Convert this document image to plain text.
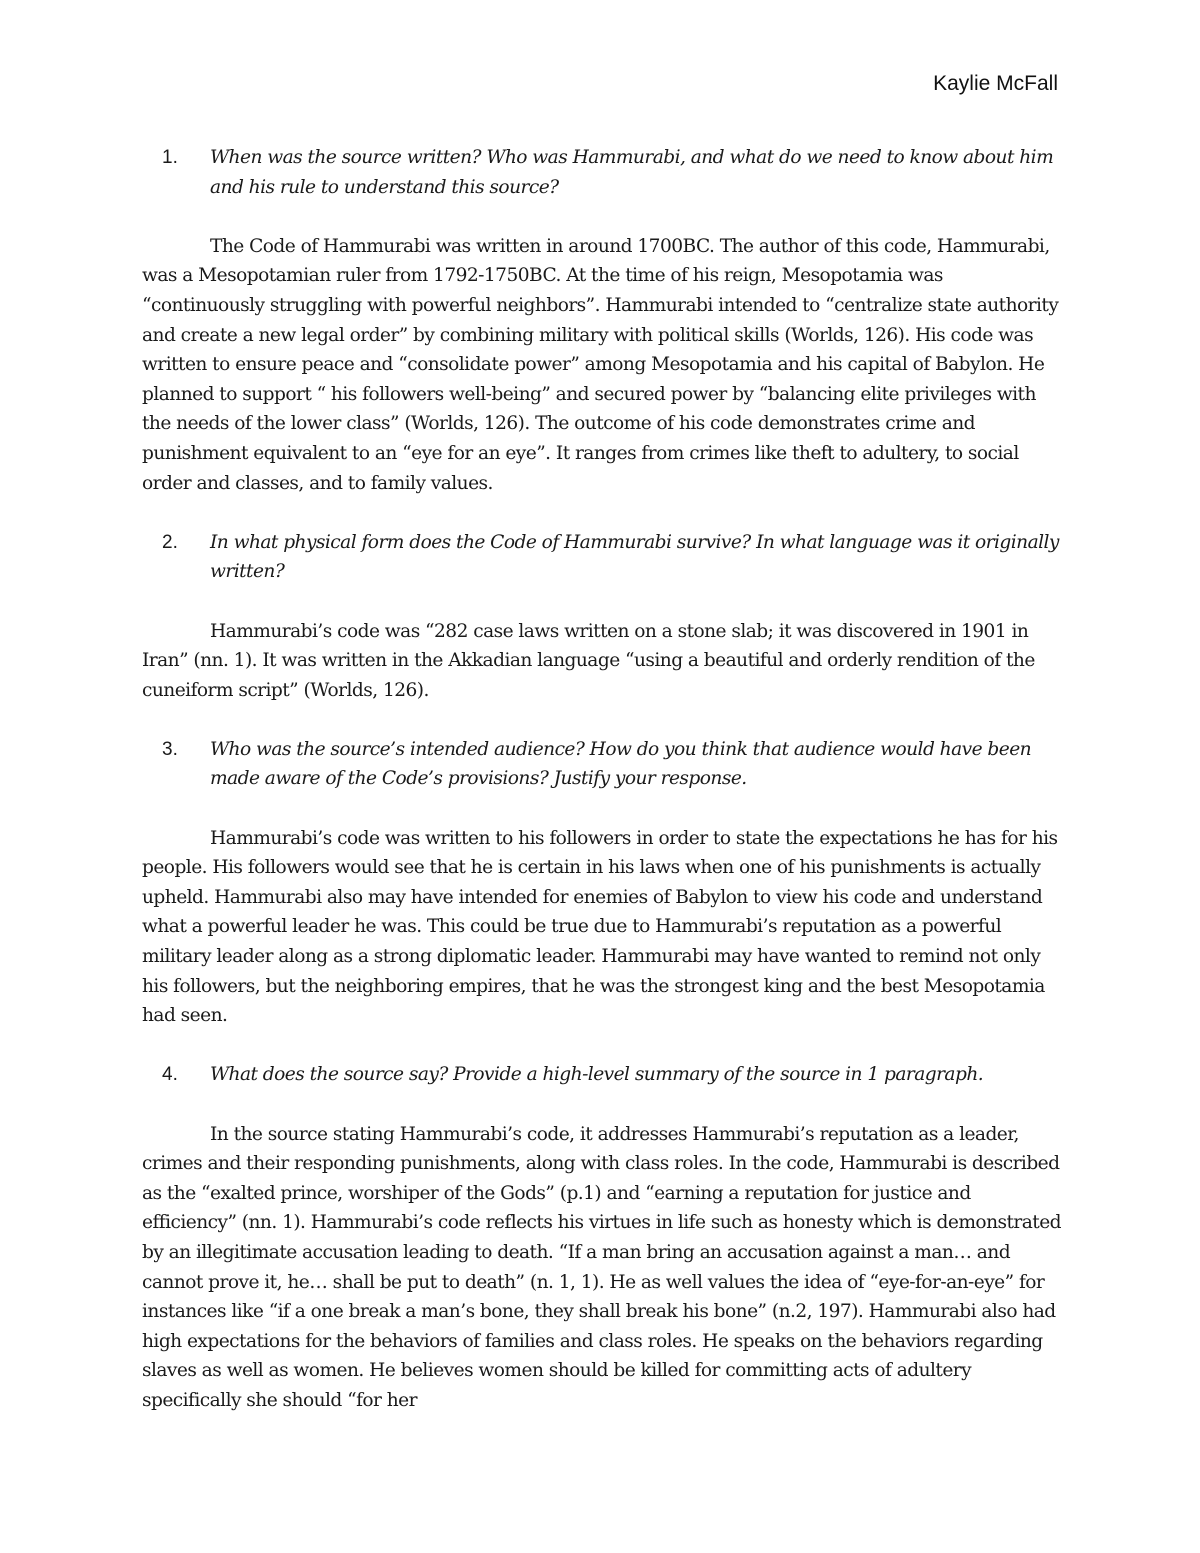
Kaylie McFall
1. When was the source written? Who was Hammurabi, and what do we need to know about him and his rule to understand this source?

The Code of Hammurabi was written in around 1700BC. The author of this code, Hammurabi, was a Mesopotamian ruler from 1792-1750BC. At the time of his reign, Mesopotamia was “continuously struggling with powerful neighbors”. Hammurabi intended to “centralize state authority and create a new legal order” by combining military with political skills (Worlds, 126). His code was written to ensure peace and “consolidate power” among Mesopotamia and his capital of Babylon. He planned to support “ his followers well-being” and secured power by “balancing elite privileges with the needs of the lower class” (Worlds, 126). The outcome of his code demonstrates crime and punishment equivalent to an “eye for an eye”. It ranges from crimes like theft to adultery, to social order and classes, and to family values.

2. In what physical form does the Code of Hammurabi survive? In what language was it originally written?

Hammurabi’s code was “282 case laws written on a stone slab; it was discovered in 1901 in Iran” (nn. 1). It was written in the Akkadian language “using a beautiful and orderly rendition of the cuneiform script” (Worlds, 126).

3. Who was the source’s intended audience? How do you think that audience would have been made aware of the Code’s provisions? Justify your response.

Hammurabi’s code was written to his followers in order to state the expectations he has for his people. His followers would see that he is certain in his laws when one of his punishments is actually upheld. Hammurabi also may have intended for enemies of Babylon to view his code and understand what a powerful leader he was. This could be true due to Hammurabi’s reputation as a powerful military leader along as a strong diplomatic leader. Hammurabi may have wanted to remind not only his followers, but the neighboring empires, that he was the strongest king and the best Mesopotamia had seen.

4. What does the source say? Provide a high-level summary of the source in 1 paragraph.

In the source stating Hammurabi’s code, it addresses Hammurabi’s reputation as a leader, crimes and their responding punishments, along with class roles. In the code, Hammurabi is described as the “exalted prince, worshiper of the Gods” (p.1) and “earning a reputation for justice and efficiency” (nn. 1). Hammurabi’s code reflects his virtues in life such as honesty which is demonstrated by an illegitimate accusation leading to death. “If a man bring an accusation against a man… and cannot prove it, he… shall be put to death” (n. 1, 1). He as well values the idea of “eye-for-an-eye” for instances like “if a one break a man’s bone, they shall break his bone” (n.2, 197). Hammurabi also had high expectations for the behaviors of families and class roles. He speaks on the behaviors regarding slaves as well as women. He believes women should be killed for committing acts of adultery specifically she should “for her
